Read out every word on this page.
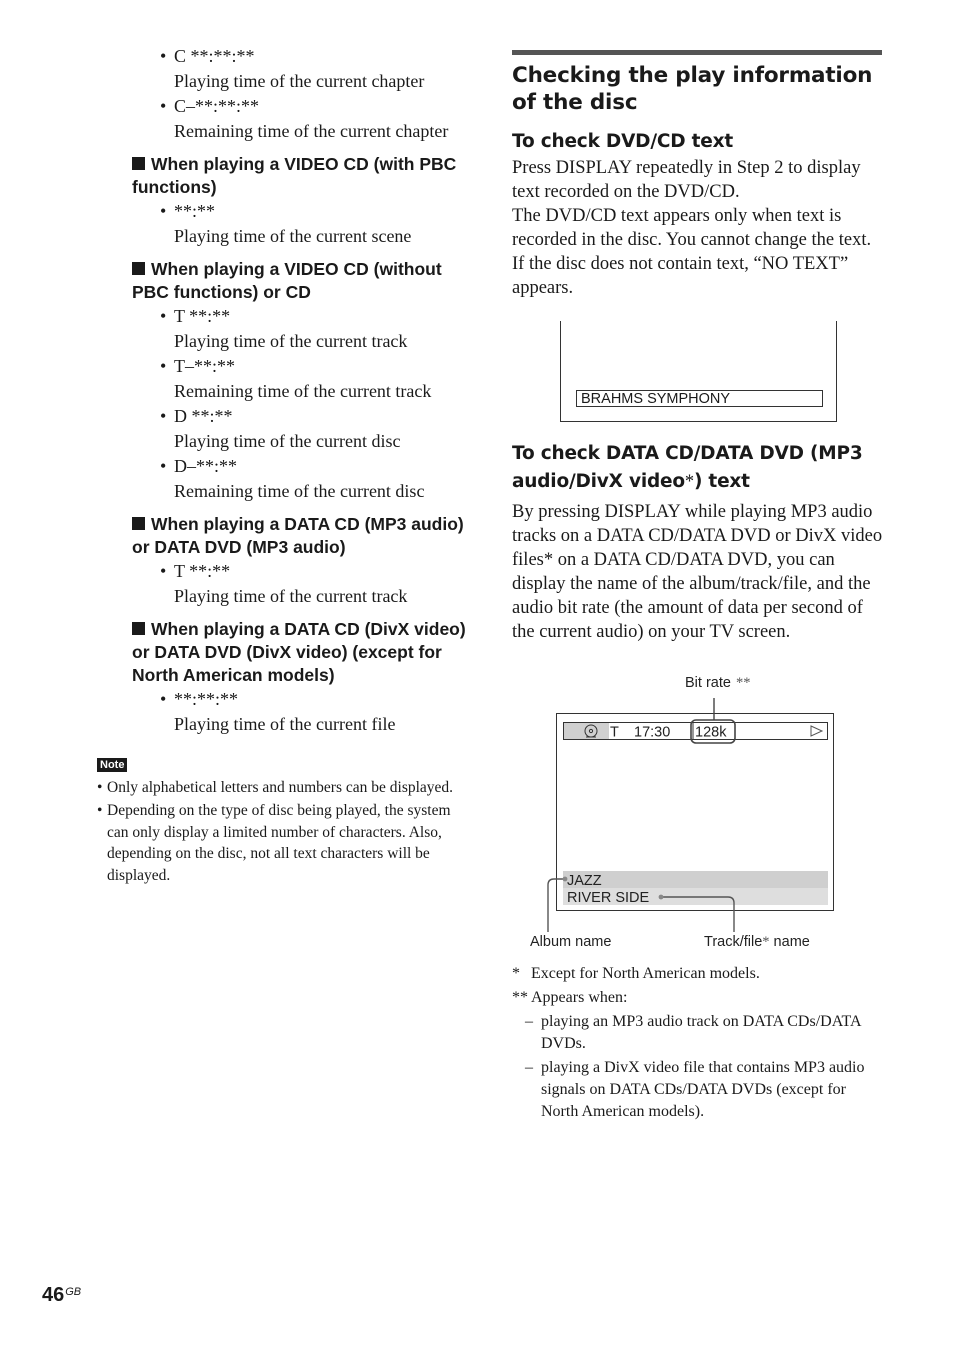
• C **:**:**
Playing time of the current chapter
• C–**:**:**
Remaining time of the current chapter
When playing a VIDEO CD (with PBC functions)
• **:**
Playing time of the current scene
When playing a VIDEO CD (without PBC functions) or CD
• T **:**
Playing time of the current track
• T–**:**
Remaining time of the current track
• D **:**
Playing time of the current disc
• D–**:**
Remaining time of the current disc
When playing a DATA CD (MP3 audio) or DATA DVD (MP3 audio)
• T **:**
Playing time of the current track
When playing a DATA CD (DivX video) or DATA DVD (DivX video) (except for North American models)
• **:**:**
Playing time of the current file
Note
• Only alphabetical letters and numbers can be displayed.
• Depending on the type of disc being played, the system can only display a limited number of characters. Also, depending on the disc, not all text characters will be displayed.
Checking the play information of the disc
To check DVD/CD text

Press DISPLAY repeatedly in Step 2 to display text recorded on the DVD/CD.

The DVD/CD text appears only when text is recorded in the disc. You cannot change the text. If the disc does not contain text, “NO TEXT” appears.

To check DATA CD/DATA DVD (MP3 audio/DivX video*) text

By pressing DISPLAY while playing MP3 audio tracks on a DATA CD/DATA DVD or DivX video files* on a DATA CD/DATA DVD, you can display the name of the album/track/file, and the audio bit rate (the amount of data per second of the current audio) on your TV screen.

BRAHMS SYMPHONY
T 17:30 128k
Bit rate **
JAZZ
RIVER SIDE
Album name	Track/file* name
* Except for North American models.
** Appears when:
– playing an MP3 audio track on DATA CDs/DATA DVDs.
– playing a DivX video file that contains MP3 audio signals on DATA CDs/DATA DVDs (except for North American models).
$46^{GB}$
